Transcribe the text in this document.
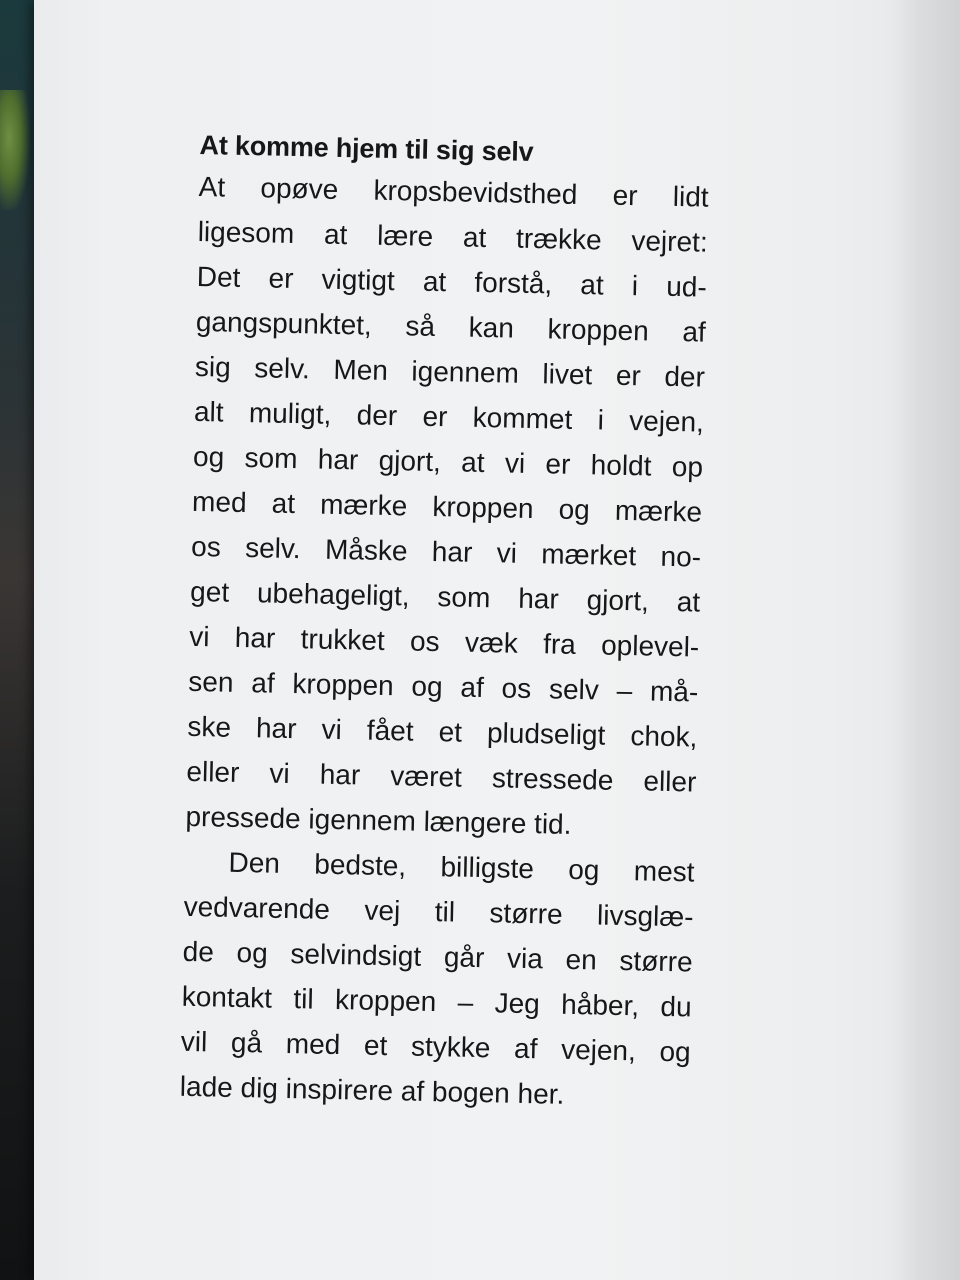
At komme hjem til sig selv

At opøve kropsbevidsthed er lidt

ligesom at lære at trække vejret:

Det er vigtigt at forstå, at i ud-

gangspunktet, så kan kroppen af

sig selv. Men igennem livet er der

alt muligt, der er kommet i vejen,

og som har gjort, at vi er holdt op

med at mærke kroppen og mærke

os selv. Måske har vi mærket no-

get ubehageligt, som har gjort, at

vi har trukket os væk fra oplevel-

sen af kroppen og af os selv – må-

ske har vi fået et pludseligt chok,

eller vi har været stressede eller

pressede igennem længere tid.

Den bedste, billigste og mest

vedvarende vej til større livsglæ-

de og selvindsigt går via en større

kontakt til kroppen – Jeg håber, du

vil gå med et stykke af vejen, og

lade dig inspirere af bogen her.
